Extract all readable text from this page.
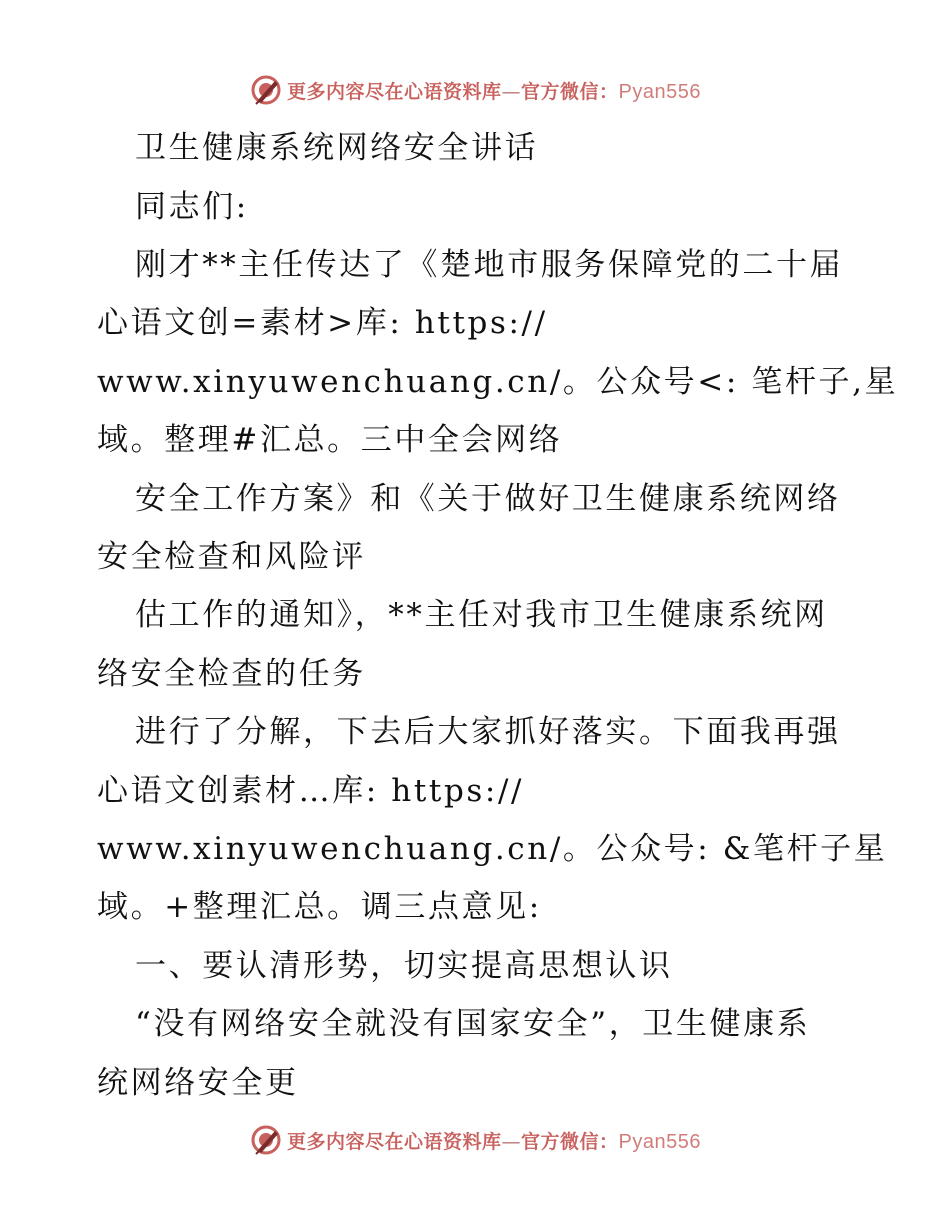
更多内容尽在心语资料库—官方微信：Pyan556
卫生健康系统网络安全讲话
同志们:
刚才**主任传达了《楚地市服务保障党的二十届
心语文创=素材>库: https://
www.xinyuwenchuang.cn/。公众号<: 笔杆子,星
域。整理#汇总。三中全会网络
安全工作方案》和《关于做好卫生健康系统网络
安全检查和风险评
估工作的通知》，**主任对我市卫生健康系统网
络安全检查的任务
进行了分解，下去后大家抓好落实。下面我再强
心语文创素材…库: https://
www.xinyuwenchuang.cn/。公众号: &笔杆子星
域。+整理汇总。调三点意见:
一、要认清形势，切实提高思想认识
“没有网络安全就没有国家安全”，卫生健康系
统网络安全更
更多内容尽在心语资料库—官方微信：Pyan556
